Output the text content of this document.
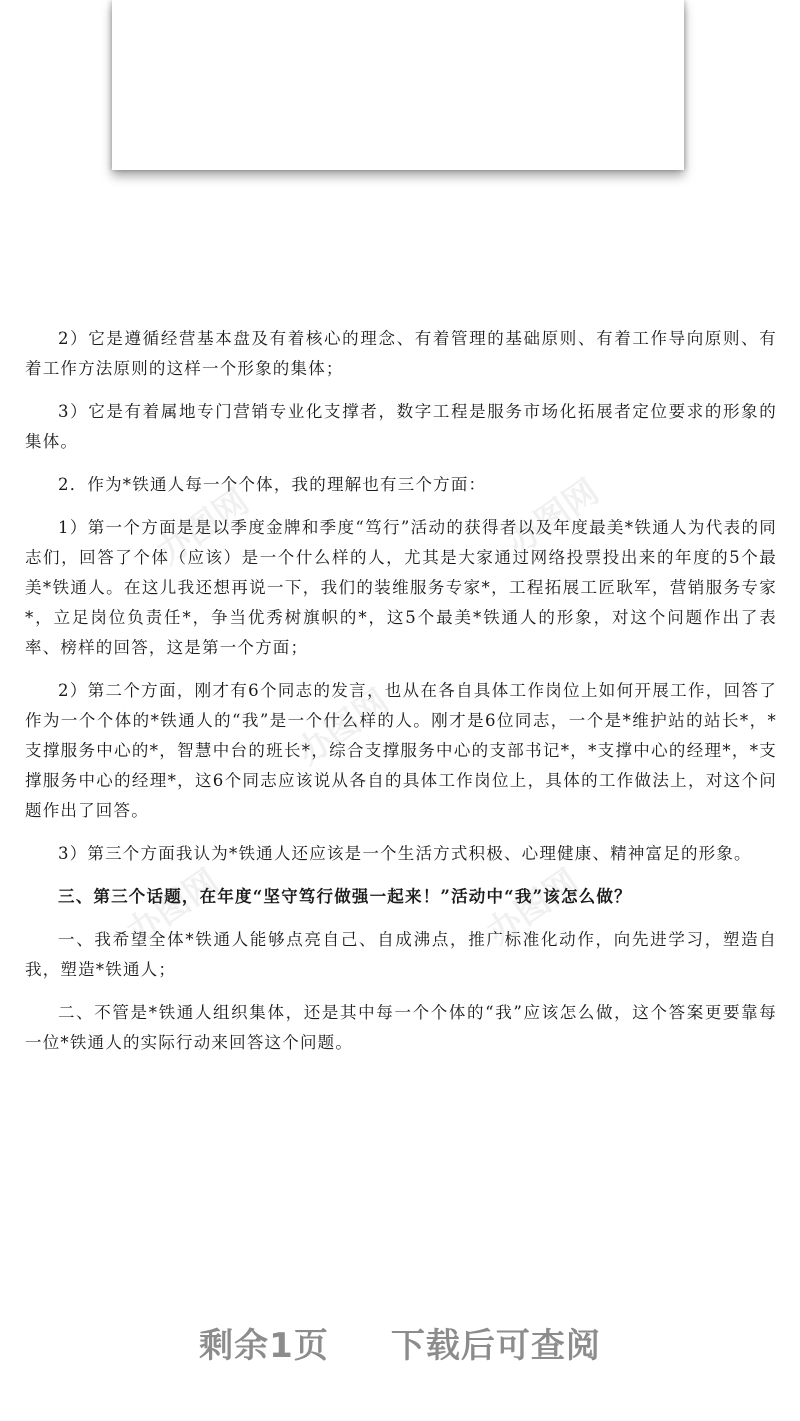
办图网	办图网
办图网
办图网	办图网

2）它是遵循经营基本盘及有着核心的理念、有着管理的基础原则、有着工作导向原则、有着工作方法原则的这样一个形象的集体；

3）它是有着属地专门营销专业化支撑者，数字工程是服务市场化拓展者定位要求的形象的集体。

2．作为*铁通人每一个个体，我的理解也有三个方面：

1）第一个方面是是以季度金牌和季度“笃行”活动的获得者以及年度最美*铁通人为代表的同志们，回答了个体（应该）是一个什么样的人，尤其是大家通过网络投票投出来的年度的5个最美*铁通人。在这儿我还想再说一下，我们的装维服务专家*，工程拓展工匠耿军，营销服务专家*，立足岗位负责任*，争当优秀树旗帜的*，这5个最美*铁通人的形象，对这个问题作出了表率、榜样的回答，这是第一个方面；

2）第二个方面，刚才有6个同志的发言，也从在各自具体工作岗位上如何开展工作，回答了作为一个个体的*铁通人的“我”是一个什么样的人。刚才是6位同志，一个是*维护站的站长*，*支撑服务中心的*，智慧中台的班长*，综合支撑服务中心的支部书记*，*支撑中心的经理*，*支撑服务中心的经理*，这6个同志应该说从各自的具体工作岗位上，具体的工作做法上，对这个问题作出了回答。

3）第三个方面我认为*铁通人还应该是一个生活方式积极、心理健康、精神富足的形象。

三、第三个话题，在年度“坚守笃行做强一起来！”活动中“我”该怎么做？

一、我希望全体*铁通人能够点亮自己、自成沸点，推广标准化动作，向先进学习，塑造自我，塑造*铁通人；

二、不管是*铁通人组织集体，还是其中每一个个体的“我”应该怎么做，这个答案更要靠每一位*铁通人的实际行动来回答这个问题。

剩余1页 下载后可查阅
